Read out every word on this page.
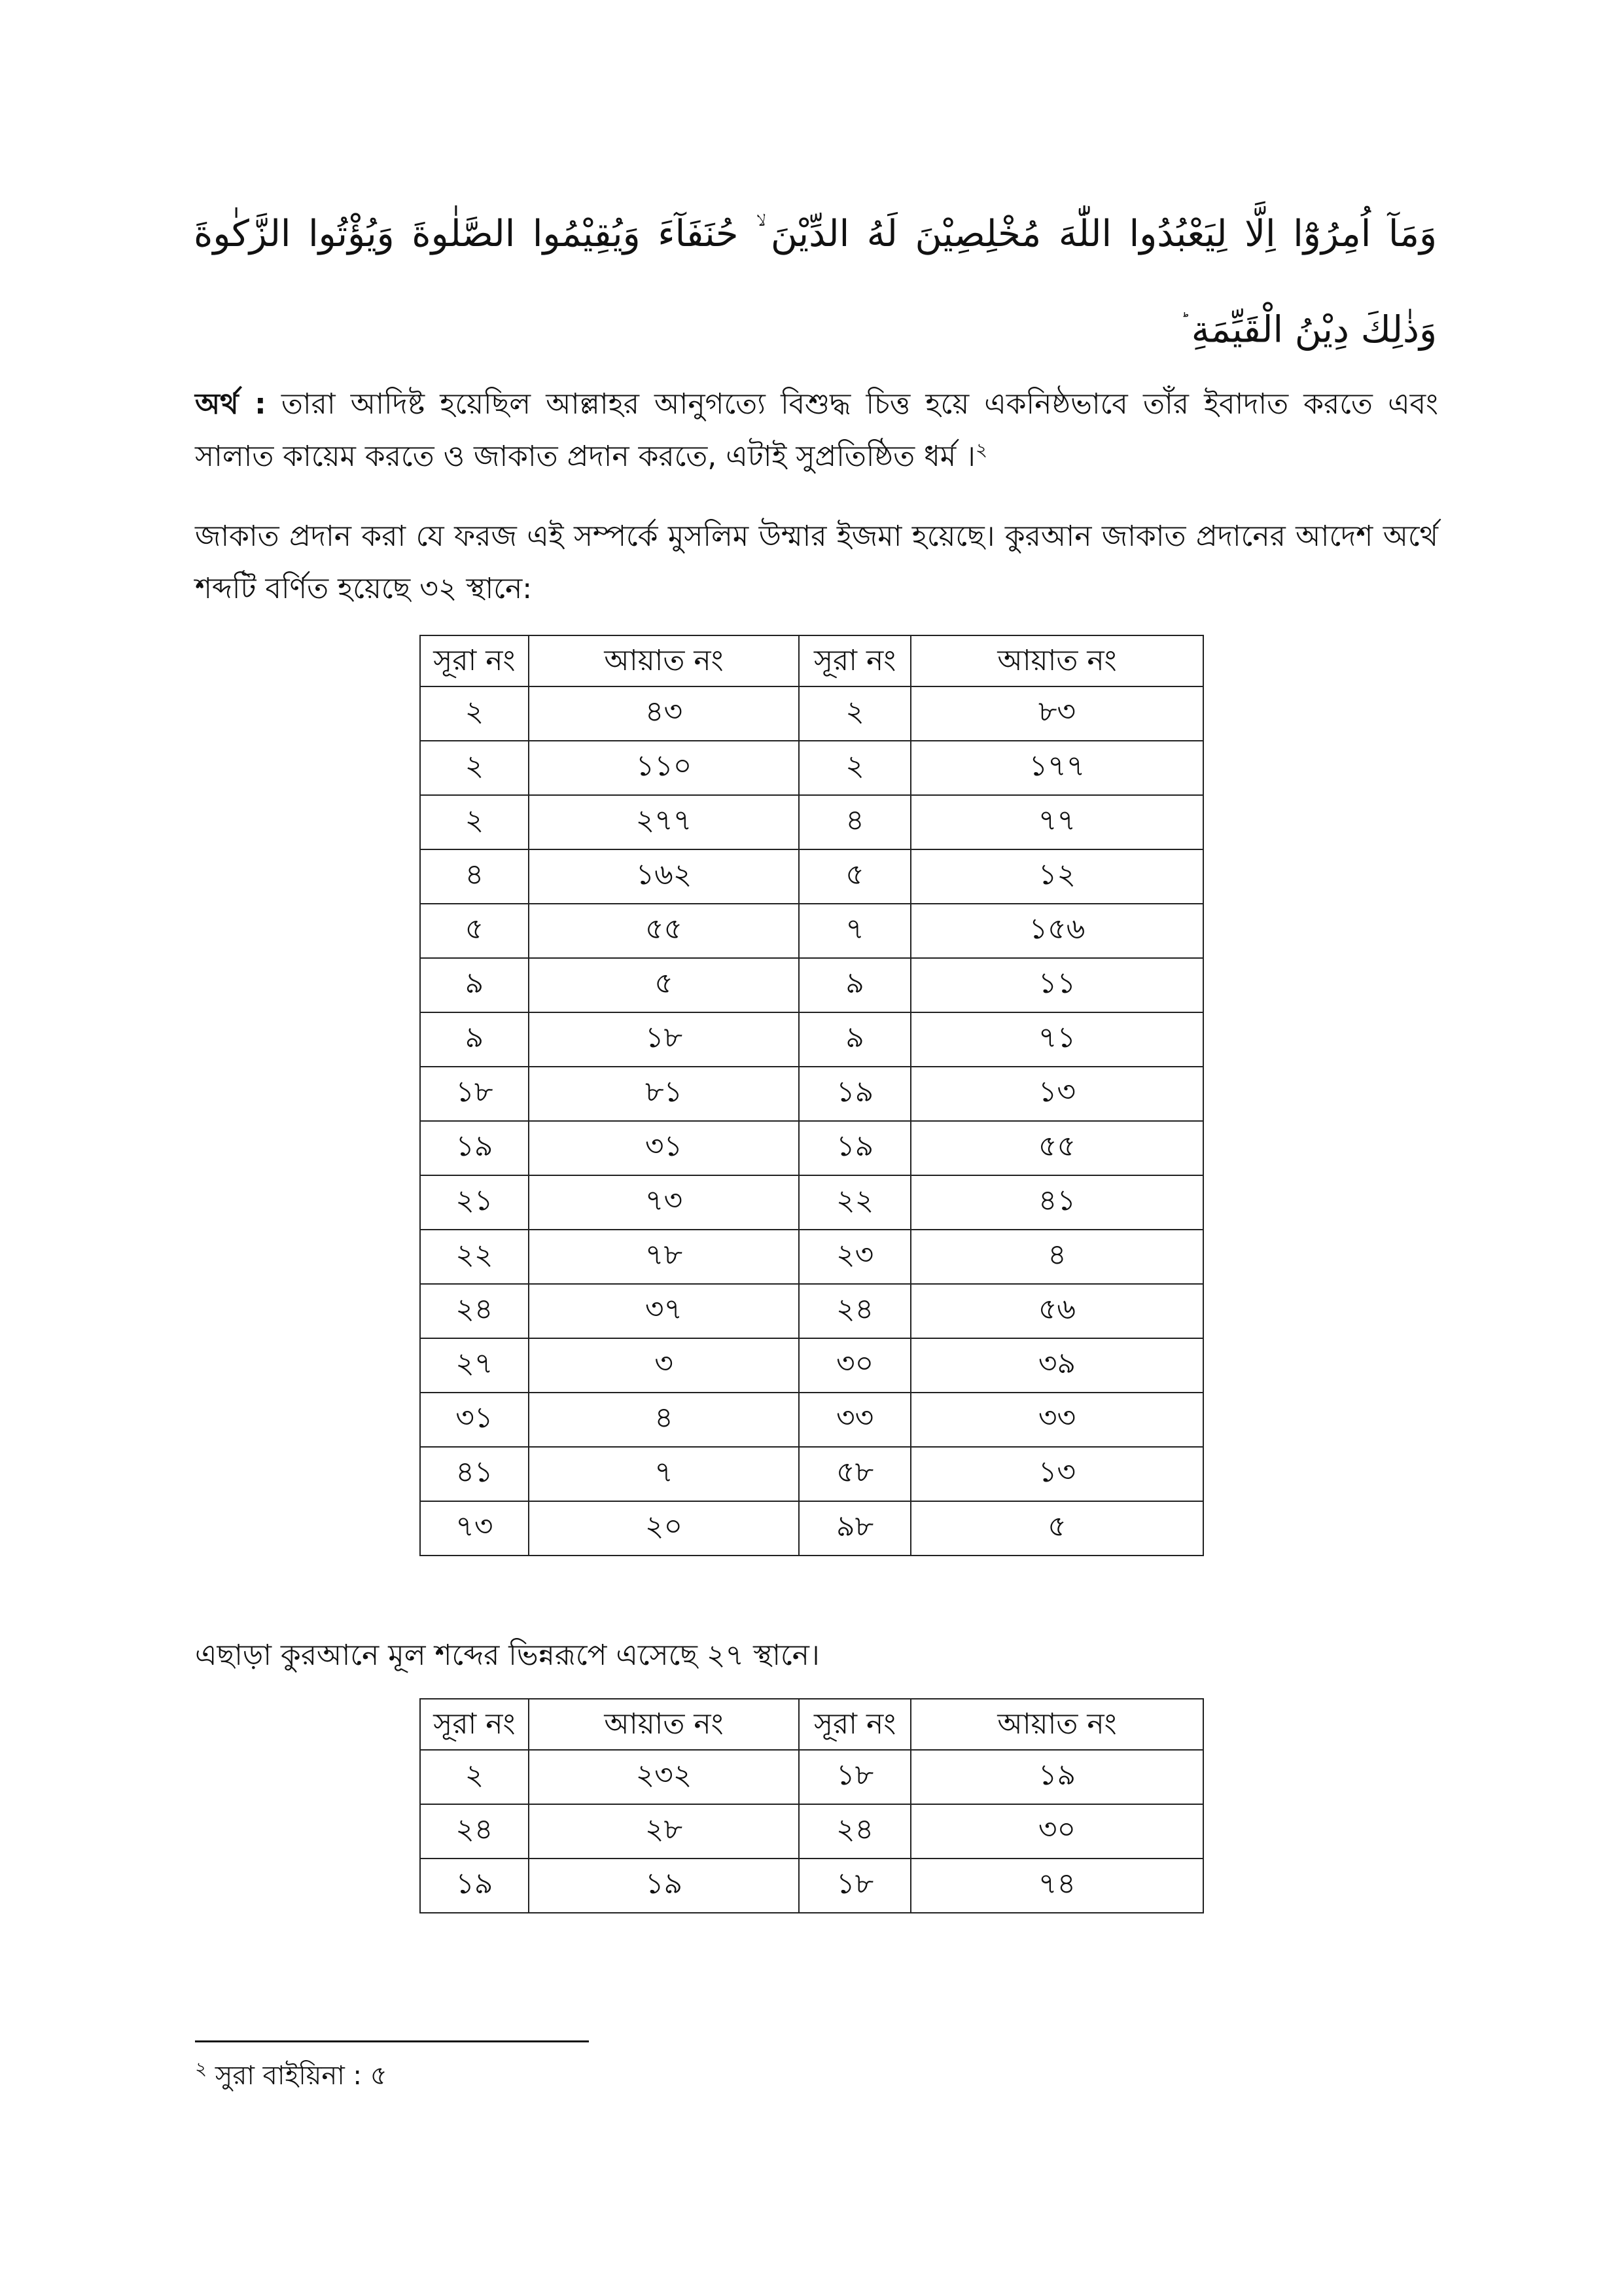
وَمَآ اُمِرُوْٓا اِلَّا لِيَعْبُدُوا اللّٰهَ مُخْلِصِيْنَ لَهُ الدِّيْنَ ۙ حُنَفَآءَ وَيُقِيْمُوا الصَّلٰوةَ وَيُؤْتُوا الزَّكٰوةَ وَذٰلِكَ دِيْنُ الْقَيِّمَةِ
অর্থ : তারা আদিষ্ট হয়েছিল আল্লাহর আনুগত্যে বিশুদ্ধ চিত্ত হয়ে একনিষ্ঠভাবে তাঁর ইবাদাত করতে এবং সালাত কায়েম করতে ও জাকাত প্রদান করতে, এটাই সুপ্রতিষ্ঠিত ধর্ম ।$^২$
জাকাত প্রদান করা যে ফরজ এই সম্পর্কে মুসলিম উম্মার ইজমা হয়েছে। কুরআন জাকাত প্রদানের আদেশ অর্থে শব্দটি বর্ণিত হয়েছে ৩২ স্থানে:
সূরা নং	আয়াত নং	সূরা নং	আয়াত নং
২	৪৩	২	৮৩
২	১১০	২	১৭৭
২	২৭৭	৪	৭৭
৪	১৬২	৫	১২
৫	৫৫	৭	১৫৬
৯	৫	৯	১১
৯	১৮	৯	৭১
১৮	৮১	১৯	১৩
১৯	৩১	১৯	৫৫
২১	৭৩	২২	৪১
২২	৭৮	২৩	৪
২৪	৩৭	২৪	৫৬
২৭	৩	৩০	৩৯
৩১	৪	৩৩	৩৩
৪১	৭	৫৮	১৩
৭৩	২০	৯৮	৫
এছাড়া কুরআনে মূল শব্দের ভিন্নরূপে এসেছে ২৭ স্থানে।
সূরা নং	আয়াত নং	সূরা নং	আয়াত নং
২	২৩২	১৮	১৯
২৪	২৮	২৪	৩০
১৯	১৯	১৮	৭৪
$^২$ সুরা বাইয়িনা : ৫
